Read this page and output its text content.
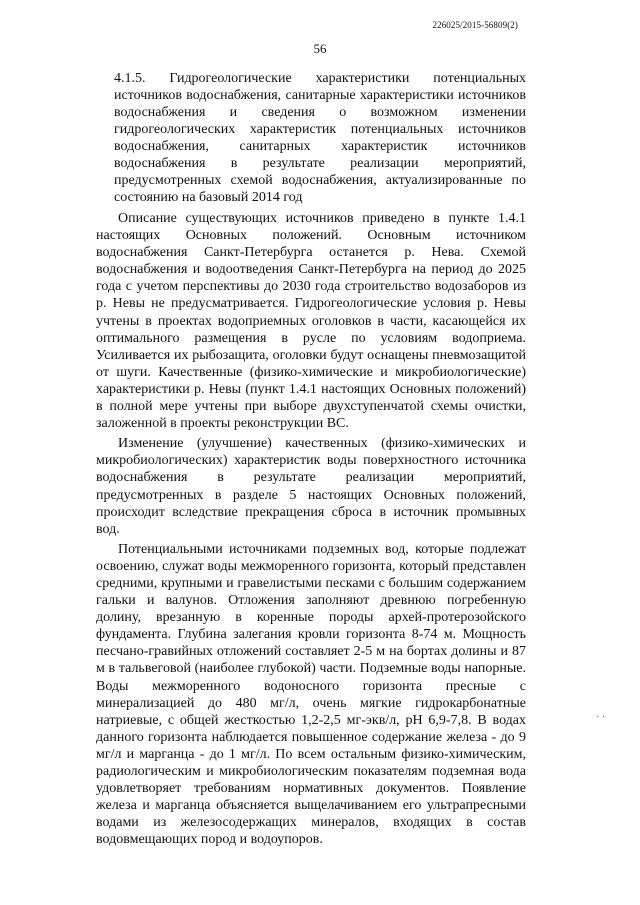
226025/2015-56809(2)
56
4.1.5. Гидрогеологические характеристики потенциальных источников водоснабжения, санитарные характеристики источников водоснабжения и сведения о возможном изменении гидрогеологических характеристик потенциальных источников водоснабжения, санитарных характеристик источников водоснабжения в результате реализации мероприятий, предусмотренных схемой водоснабжения, актуализированные по состоянию на базовый 2014 год

Описание существующих источников приведено в пункте 1.4.1 настоящих Основных положений. Основным источником водоснабжения Санкт-Петербурга останется р. Нева. Схемой водоснабжения и водоотведения Санкт-Петербурга на период до 2025 года с учетом перспективы до 2030 года строительство водозаборов из р. Невы не предусматривается. Гидрогеологические условия р. Невы учтены в проектах водоприемных оголовков в части, касающейся их оптимального размещения в русле по условиям водоприема. Усиливается их рыбозащита, оголовки будут оснащены пневмозащитой от шуги. Качественные (физико-химические и микробиологические) характеристики р. Невы (пункт 1.4.1 настоящих Основных положений) в полной мере учтены при выборе двухступенчатой схемы очистки, заложенной в проекты реконструкции ВС.

Изменение (улучшение) качественных (физико-химических и микробиологических) характеристик воды поверхностного источника водоснабжения в результате реализации мероприятий, предусмотренных в разделе 5 настоящих Основных положений, происходит вследствие прекращения сброса в источник промывных вод.

Потенциальными источниками подземных вод, которые подлежат освоению, служат воды межморенного горизонта, который представлен средними, крупными и гравелистыми песками с большим содержанием гальки и валунов. Отложения заполняют древнюю погребенную долину, врезанную в коренные породы архей-протерозойского фундамента. Глубина залегания кровли горизонта 8-74 м. Мощность песчано-гравийных отложений составляет 2-5 м на бортах долины и 87 м в тальвеговой (наиболее глубокой) части. Подземные воды напорные. Воды межморенного водоносного горизонта пресные с минерализацией до 480 мг/л, очень мягкие гидрокарбонатные натриевые, с общей жесткостью 1,2-2,5 мг-экв/л, pH 6,9-7,8. В водах данного горизонта наблюдается повышенное содержание железа - до 9 мг/л и марганца - до 1 мг/л. По всем остальным физико-химическим, радиологическим и микробиологическим показателям подземная вода удовлетворяет требованиям нормативных документов. Появление железа и марганца объясняется выщелачиванием его ультрапресными водами из железосодержащих минералов, входящих в состав водовмещающих пород и водоупоров.

· ·
